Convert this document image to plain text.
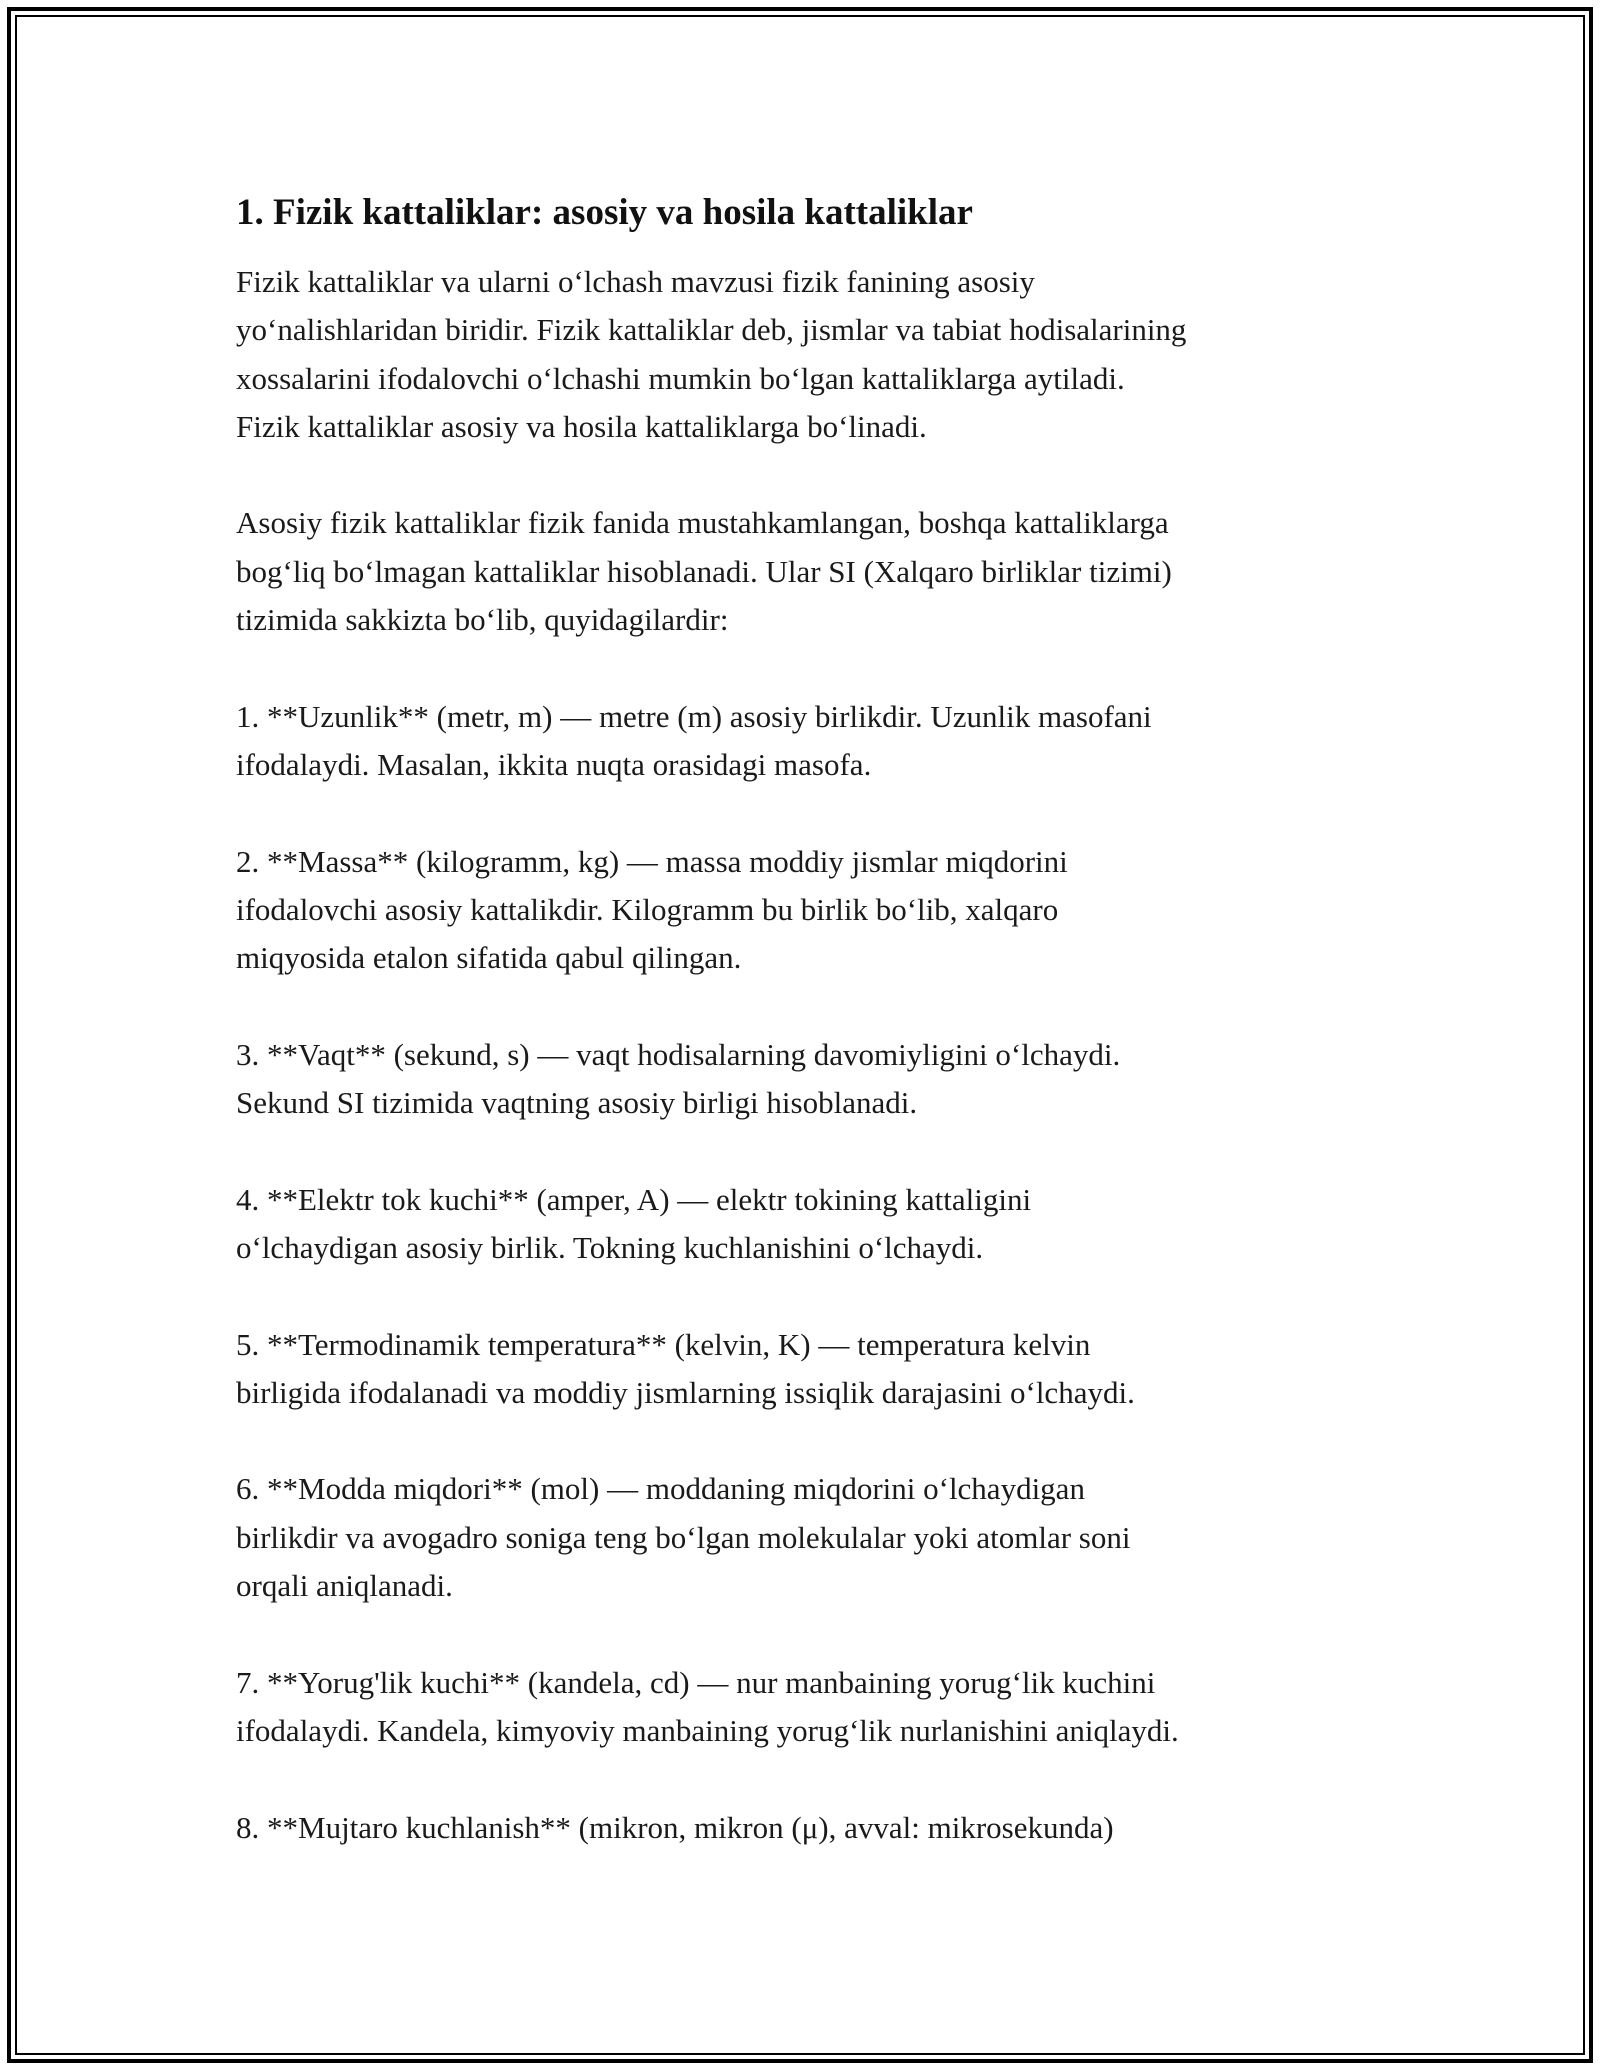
1. Fizik kattaliklar: asosiy va hosila kattaliklar

Fizik kattaliklar va ularni o‘lchash mavzusi fizik fanining asosiy
yo‘nalishlaridan biridir. Fizik kattaliklar deb, jismlar va tabiat hodisalarining
xossalarini ifodalovchi o‘lchashi mumkin bo‘lgan kattaliklarga aytiladi.
Fizik kattaliklar asosiy va hosila kattaliklarga bo‘linadi.

Asosiy fizik kattaliklar fizik fanida mustahkamlangan, boshqa kattaliklarga
bog‘liq bo‘lmagan kattaliklar hisoblanadi. Ular SI (Xalqaro birliklar tizimi)
tizimida sakkizta bo‘lib, quyidagilardir:

1. **Uzunlik** (metr, m) — metre (m) asosiy birlikdir. Uzunlik masofani
ifodalaydi. Masalan, ikkita nuqta orasidagi masofa.

2. **Massa** (kilogramm, kg) — massa moddiy jismlar miqdorini
ifodalovchi asosiy kattalikdir. Kilogramm bu birlik bo‘lib, xalqaro
miqyosida etalon sifatida qabul qilingan.

3. **Vaqt** (sekund, s) — vaqt hodisalarning davomiyligini o‘lchaydi.
Sekund SI tizimida vaqtning asosiy birligi hisoblanadi.

4. **Elektr tok kuchi** (amper, A) — elektr tokining kattaligini
o‘lchaydigan asosiy birlik. Tokning kuchlanishini o‘lchaydi.

5. **Termodinamik temperatura** (kelvin, K) — temperatura kelvin
birligida ifodalanadi va moddiy jismlarning issiqlik darajasini o‘lchaydi.

6. **Modda miqdori** (mol) — moddaning miqdorini o‘lchaydigan
birlikdir va avogadro soniga teng bo‘lgan molekulalar yoki atomlar soni
orqali aniqlanadi.

7. **Yorug'lik kuchi** (kandela, cd) — nur manbaining yorug‘lik kuchini
ifodalaydi. Kandela, kimyoviy manbaining yorug‘lik nurlanishini aniqlaydi.

8. **Mujtaro kuchlanish** (mikron, mikron (μ), avval: mikrosekunda)
